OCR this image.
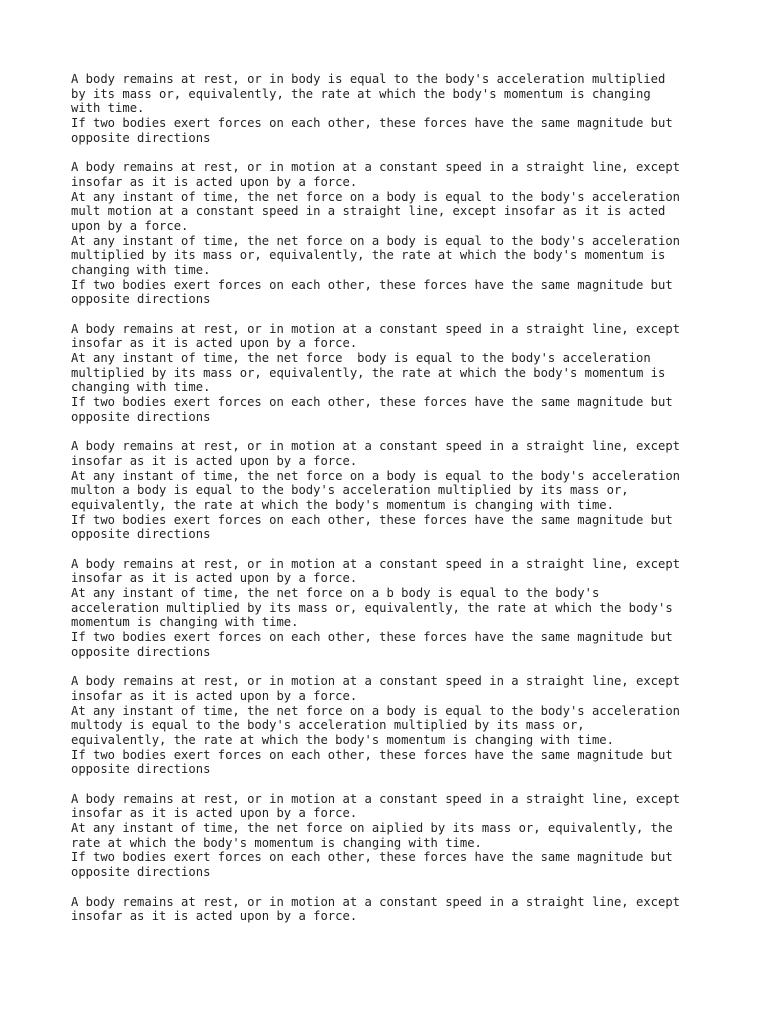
A body remains at rest, or in body is equal to the body's acceleration multiplied
by its mass or, equivalently, the rate at which the body's momentum is changing
with time.
If two bodies exert forces on each other, these forces have the same magnitude but
opposite directions
A body remains at rest, or in motion at a constant speed in a straight line, except
insofar as it is acted upon by a force.
At any instant of time, the net force on a body is equal to the body's acceleration
mult motion at a constant speed in a straight line, except insofar as it is acted
upon by a force.
At any instant of time, the net force on a body is equal to the body's acceleration
multiplied by its mass or, equivalently, the rate at which the body's momentum is
changing with time.
If two bodies exert forces on each other, these forces have the same magnitude but
opposite directions
A body remains at rest, or in motion at a constant speed in a straight line, except
insofar as it is acted upon by a force.
At any instant of time, the net force  body is equal to the body's acceleration
multiplied by its mass or, equivalently, the rate at which the body's momentum is
changing with time.
If two bodies exert forces on each other, these forces have the same magnitude but
opposite directions
A body remains at rest, or in motion at a constant speed in a straight line, except
insofar as it is acted upon by a force.
At any instant of time, the net force on a body is equal to the body's acceleration
multon a body is equal to the body's acceleration multiplied by its mass or,
equivalently, the rate at which the body's momentum is changing with time.
If two bodies exert forces on each other, these forces have the same magnitude but
opposite directions
A body remains at rest, or in motion at a constant speed in a straight line, except
insofar as it is acted upon by a force.
At any instant of time, the net force on a b body is equal to the body's
acceleration multiplied by its mass or, equivalently, the rate at which the body's
momentum is changing with time.
If two bodies exert forces on each other, these forces have the same magnitude but
opposite directions
A body remains at rest, or in motion at a constant speed in a straight line, except
insofar as it is acted upon by a force.
At any instant of time, the net force on a body is equal to the body's acceleration
multody is equal to the body's acceleration multiplied by its mass or,
equivalently, the rate at which the body's momentum is changing with time.
If two bodies exert forces on each other, these forces have the same magnitude but
opposite directions
A body remains at rest, or in motion at a constant speed in a straight line, except
insofar as it is acted upon by a force.
At any instant of time, the net force on aiplied by its mass or, equivalently, the
rate at which the body's momentum is changing with time.
If two bodies exert forces on each other, these forces have the same magnitude but
opposite directions
A body remains at rest, or in motion at a constant speed in a straight line, except
insofar as it is acted upon by a force.
